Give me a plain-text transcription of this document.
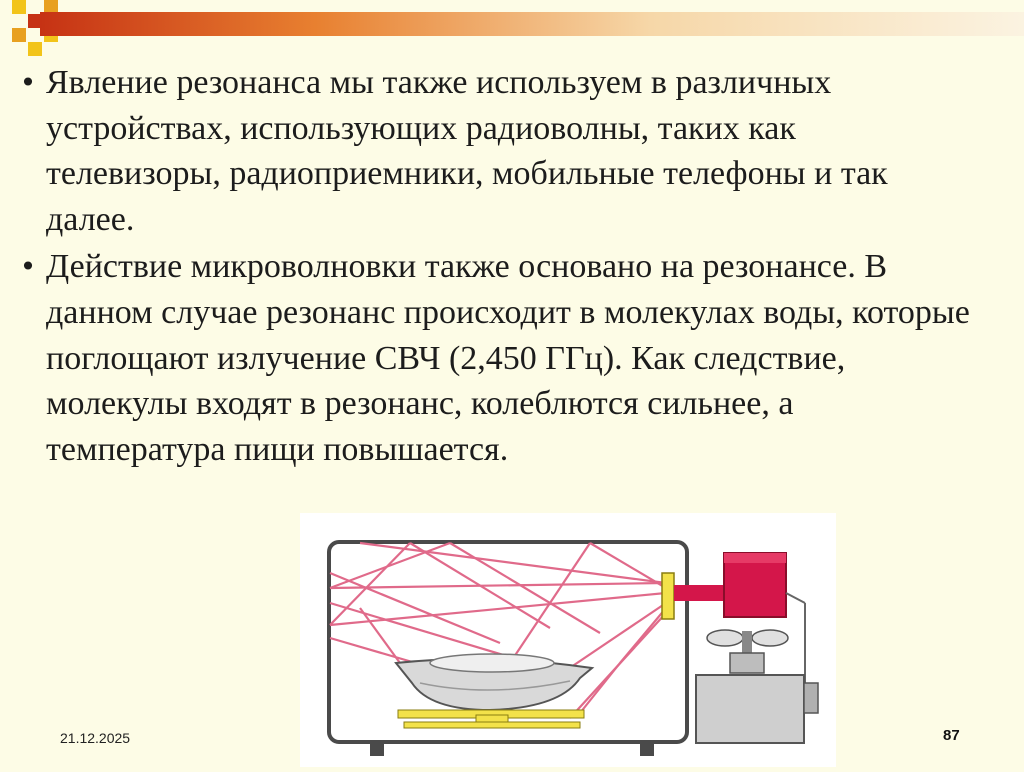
• Явление резонанса мы также используем в различных устройствах, использующих радиоволны, таких как телевизоры, радиоприемники, мобильные телефоны и так далее.
• Действие микроволновки также основано на резонансе. В данном случае резонанс происходит в молекулах воды, которые поглощают излучение СВЧ (2,450 ГГц). Как следствие, молекулы входят в резонанс, колеблются сильнее, а температура пищи повышается.
21.12.2025	87
